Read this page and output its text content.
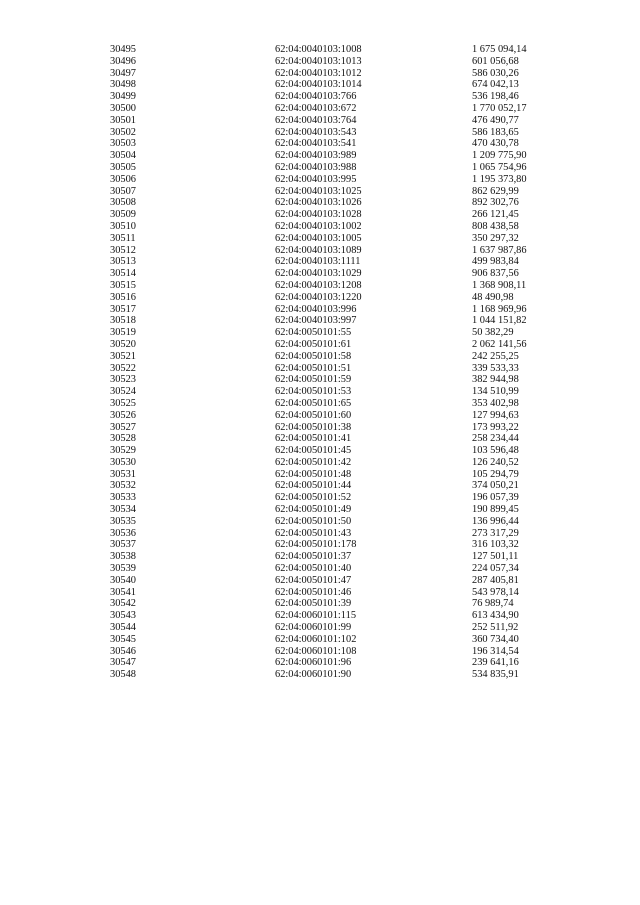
30495	62:04:0040103:1008	1 675 094,14
30496	62:04:0040103:1013	601 056,68
30497	62:04:0040103:1012	586 030,26
30498	62:04:0040103:1014	674 042,13
30499	62:04:0040103:766	536 198,46
30500	62:04:0040103:672	1 770 052,17
30501	62:04:0040103:764	476 490,77
30502	62:04:0040103:543	586 183,65
30503	62:04:0040103:541	470 430,78
30504	62:04:0040103:989	1 209 775,90
30505	62:04:0040103:988	1 065 754,96
30506	62:04:0040103:995	1 195 373,80
30507	62:04:0040103:1025	862 629,99
30508	62:04:0040103:1026	892 302,76
30509	62:04:0040103:1028	266 121,45
30510	62:04:0040103:1002	808 438,58
30511	62:04:0040103:1005	350 297,32
30512	62:04:0040103:1089	1 637 987,86
30513	62:04:0040103:1111	499 983,84
30514	62:04:0040103:1029	906 837,56
30515	62:04:0040103:1208	1 368 908,11
30516	62:04:0040103:1220	48 490,98
30517	62:04:0040103:996	1 168 969,96
30518	62:04:0040103:997	1 044 151,82
30519	62:04:0050101:55	50 382,29
30520	62:04:0050101:61	2 062 141,56
30521	62:04:0050101:58	242 255,25
30522	62:04:0050101:51	339 533,33
30523	62:04:0050101:59	382 944,98
30524	62:04:0050101:53	134 510,99
30525	62:04:0050101:65	353 402,98
30526	62:04:0050101:60	127 994,63
30527	62:04:0050101:38	173 993,22
30528	62:04:0050101:41	258 234,44
30529	62:04:0050101:45	103 596,48
30530	62:04:0050101:42	126 240,52
30531	62:04:0050101:48	105 294,79
30532	62:04:0050101:44	374 050,21
30533	62:04:0050101:52	196 057,39
30534	62:04:0050101:49	190 899,45
30535	62:04:0050101:50	136 996,44
30536	62:04:0050101:43	273 317,29
30537	62:04:0050101:178	316 103,32
30538	62:04:0050101:37	127 501,11
30539	62:04:0050101:40	224 057,34
30540	62:04:0050101:47	287 405,81
30541	62:04:0050101:46	543 978,14
30542	62:04:0050101:39	76 989,74
30543	62:04:0060101:115	613 434,90
30544	62:04:0060101:99	252 511,92
30545	62:04:0060101:102	360 734,40
30546	62:04:0060101:108	196 314,54
30547	62:04:0060101:96	239 641,16
30548	62:04:0060101:90	534 835,91
